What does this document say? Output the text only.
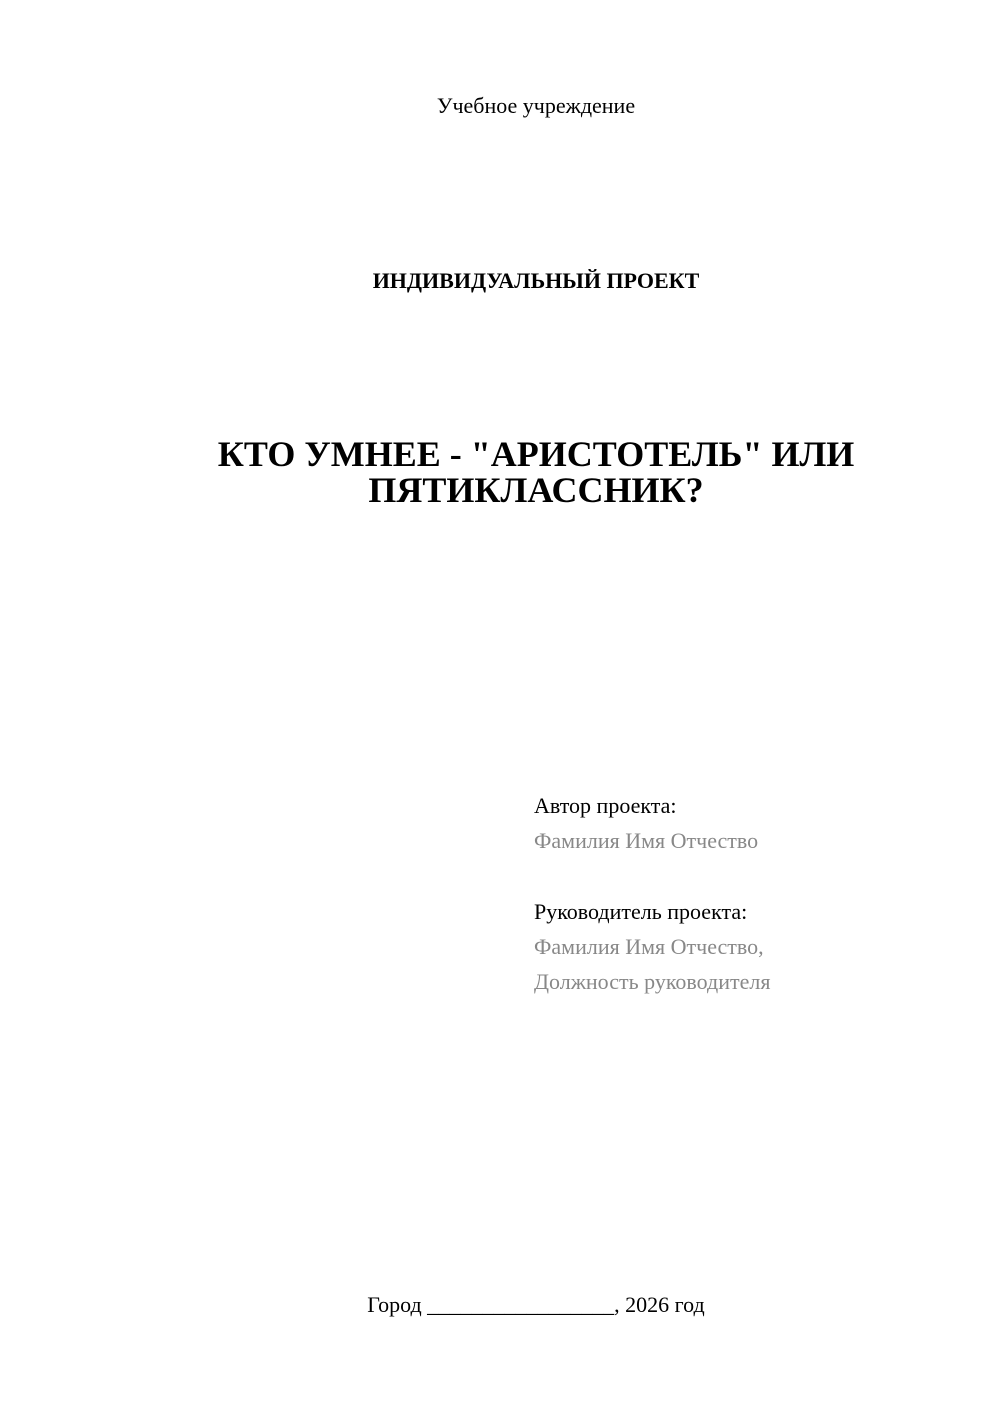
Учебное учреждение
ИНДИВИДУАЛЬНЫЙ ПРОЕКТ
КТО УМНЕЕ - "АРИСТОТЕЛЬ" ИЛИ
ПЯТИКЛАССНИК?
Автор проекта:
Фамилия Имя Отчество
Руководитель проекта:
Фамилия Имя Отчество,
Должность руководителя
Город _________________, 2026 год
